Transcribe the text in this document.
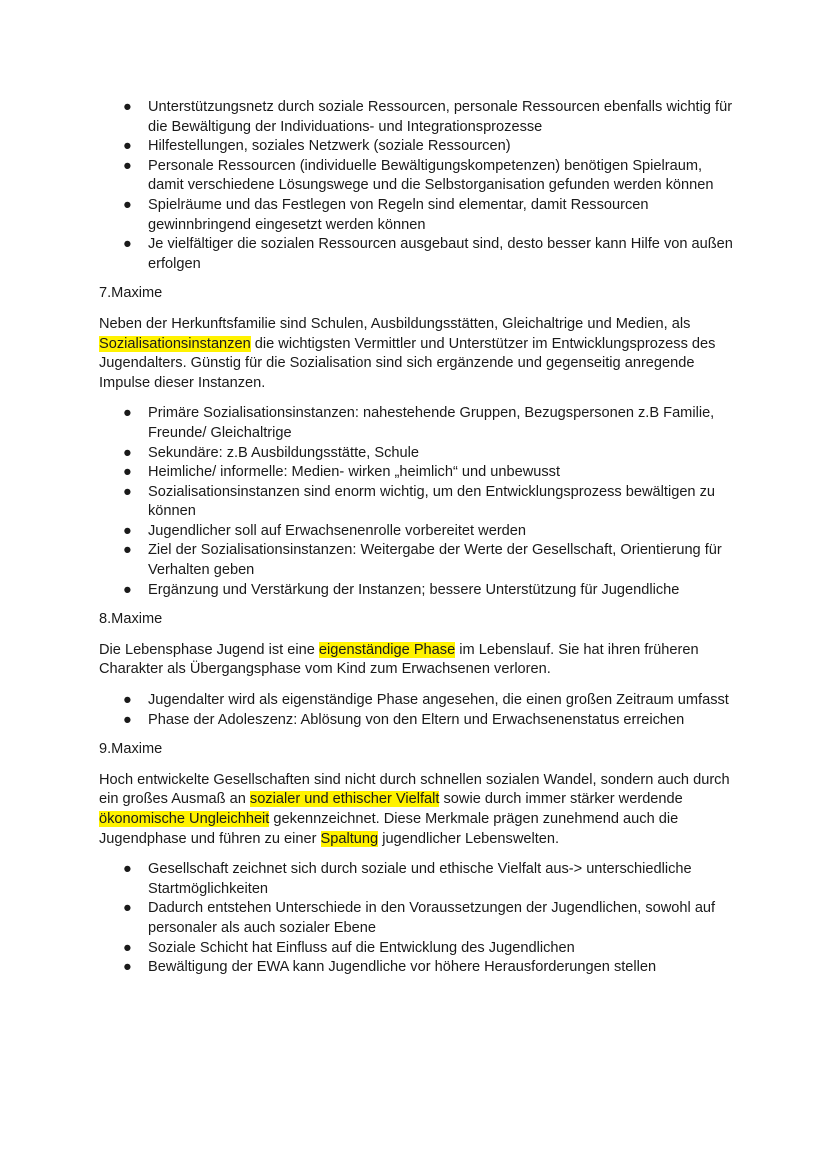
● Unterstützungsnetz durch soziale Ressourcen, personale Ressourcen ebenfalls wichtig für die Bewältigung der Individuations- und Integrationsprozesse
● Hilfestellungen, soziales Netzwerk (soziale Ressourcen)
● Personale Ressourcen (individuelle Bewältigungskompetenzen) benötigen Spielraum, damit verschiedene Lösungswege und die Selbstorganisation gefunden werden können
● Spielräume und das Festlegen von Regeln sind elementar, damit Ressourcen gewinnbringend eingesetzt werden können
● Je vielfältiger die sozialen Ressourcen ausgebaut sind, desto besser kann Hilfe von außen erfolgen
7.Maxime

Neben der Herkunftsfamilie sind Schulen, Ausbildungsstätten, Gleichaltrige und Medien, als Sozialisationsinstanzen die wichtigsten Vermittler und Unterstützer im Entwicklungsprozess des Jugendalters. Günstig für die Sozialisation sind sich ergänzende und gegenseitig anregende Impulse dieser Instanzen.

● Primäre Sozialisationsinstanzen: nahestehende Gruppen, Bezugspersonen z.B Familie, Freunde/ Gleichaltrige
● Sekundäre: z.B Ausbildungsstätte, Schule
● Heimliche/ informelle: Medien- wirken „heimlich“ und unbewusst
● Sozialisationsinstanzen sind enorm wichtig, um den Entwicklungsprozess bewältigen zu können
● Jugendlicher soll auf Erwachsenenrolle vorbereitet werden
● Ziel der Sozialisationsinstanzen: Weitergabe der Werte der Gesellschaft, Orientierung für Verhalten geben
● Ergänzung und Verstärkung der Instanzen; bessere Unterstützung für Jugendliche
8.Maxime

Die Lebensphase Jugend ist eine eigenständige Phase im Lebenslauf. Sie hat ihren früheren Charakter als Übergangsphase vom Kind zum Erwachsenen verloren.

● Jugendalter wird als eigenständige Phase angesehen, die einen großen Zeitraum umfasst
● Phase der Adoleszenz: Ablösung von den Eltern und Erwachsenenstatus erreichen
9.Maxime

Hoch entwickelte Gesellschaften sind nicht durch schnellen sozialen Wandel, sondern auch durch ein großes Ausmaß an sozialer und ethischer Vielfalt sowie durch immer stärker werdende ökonomische Ungleichheit gekennzeichnet. Diese Merkmale prägen zunehmend auch die Jugendphase und führen zu einer Spaltung jugendlicher Lebenswelten.

● Gesellschaft zeichnet sich durch soziale und ethische Vielfalt aus-> unterschiedliche Startmöglichkeiten
● Dadurch entstehen Unterschiede in den Voraussetzungen der Jugendlichen, sowohl auf personaler als auch sozialer Ebene
● Soziale Schicht hat Einfluss auf die Entwicklung des Jugendlichen
● Bewältigung der EWA kann Jugendliche vor höhere Herausforderungen stellen
